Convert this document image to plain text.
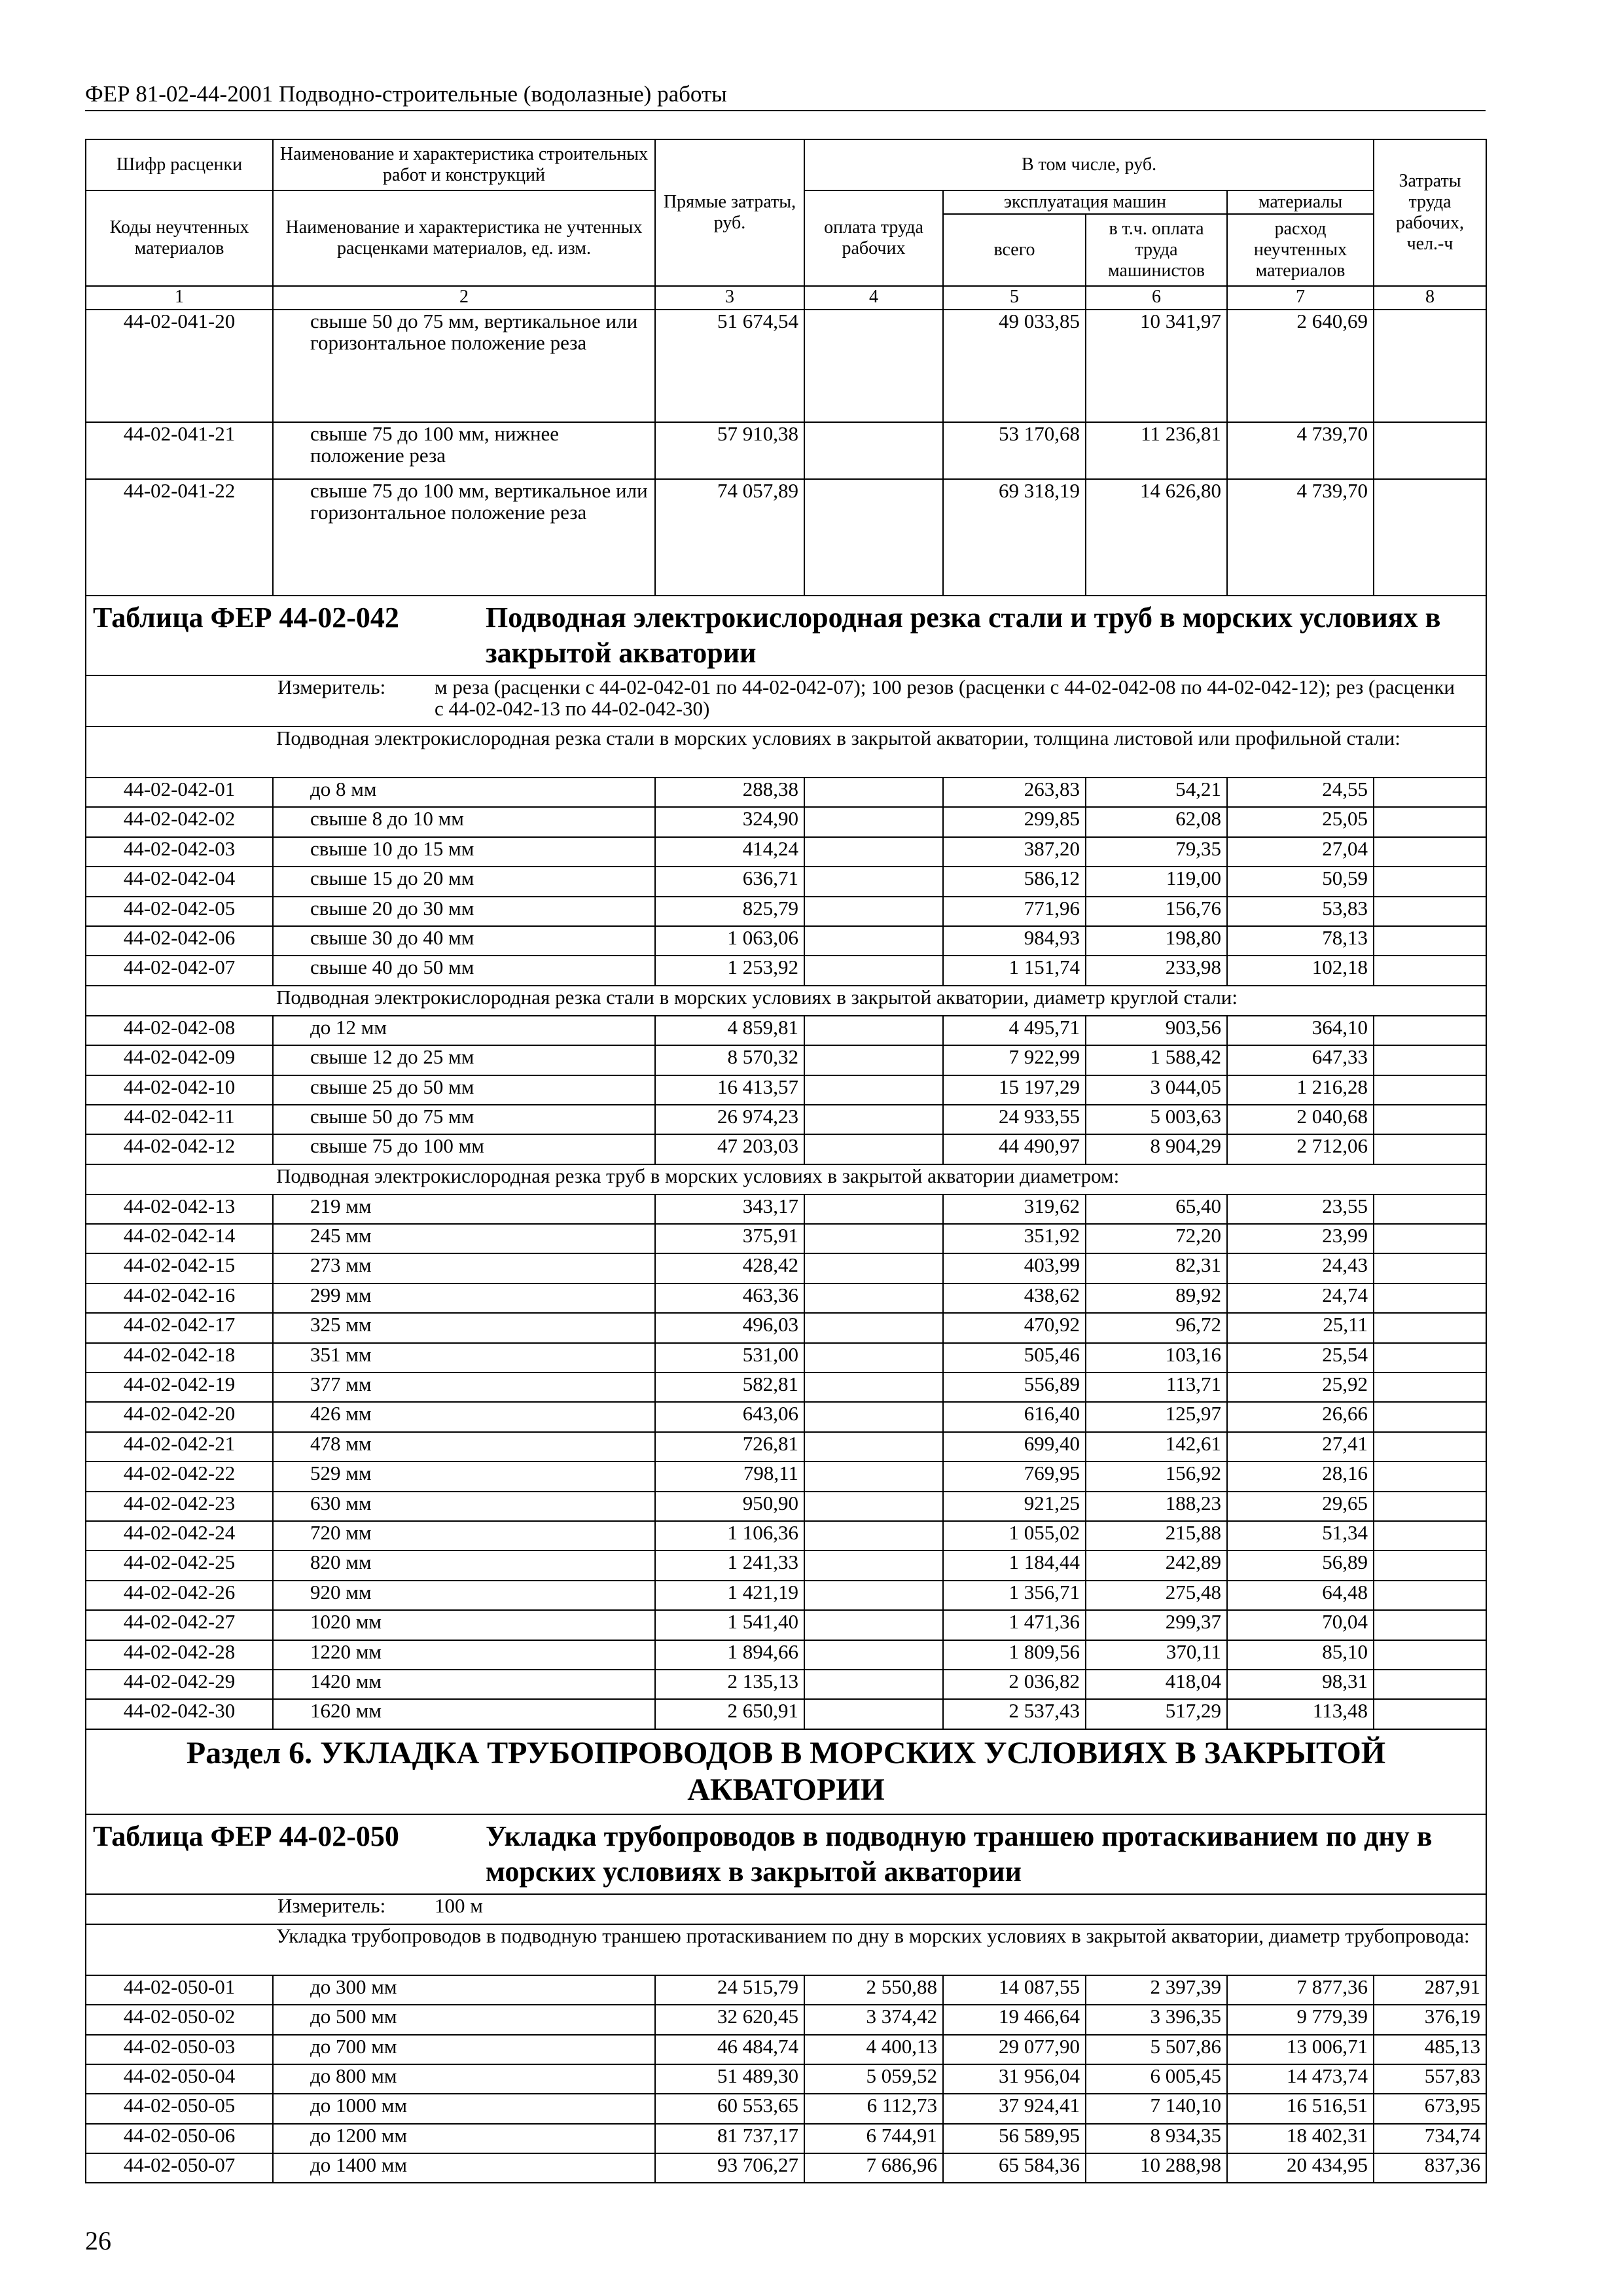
ФЕР 81-02-44-2001 Подводно-строительные (водолазные) работы
Шифр расценки	Наименование и характеристика строительных работ и конструкций	Прямые затраты, руб.	В том числе, руб.				Затраты труда рабочих, чел.-ч
Коды неучтенных материалов	Наименование и характеристика не учтенных расценками материалов, ед. изм.		оплата труда рабочих	эксплуатация машин		материалы	
				всего	в т.ч. оплата труда машинистов	расход неучтенных материалов	
1	2	3	4	5	6	7	8
44-02-041-20	свыше 50 до 75 мм, вертикальное или горизонтальное положение реза	51 674,54		49 033,85	10 341,97	2 640,69	
44-02-041-21	свыше 75 до 100 мм, нижнее положение реза	57 910,38		53 170,68	11 236,81	4 739,70	
44-02-041-22	свыше 75 до 100 мм, вертикальное или горизонтальное положение реза	74 057,89		69 318,19	14 626,80	4 739,70	
Таблица ФЕР 44-02-042 Подводная электрокислородная резка стали и труб в морских условиях в закрытой акватории							
Измеритель: м реза (расценки с 44-02-042-01 по 44-02-042-07); 100 резов (расценки с 44-02-042-08 по 44-02-042-12); рез (расценки с 44-02-042-13 по 44-02-042-30)							
Подводная электрокислородная резка стали в морских условиях в закрытой акватории, толщина листовой или профильной стали:							
44-02-042-01	до 8 мм	288,38		263,83	54,21	24,55	
44-02-042-02	свыше 8 до 10 мм	324,90		299,85	62,08	25,05	
44-02-042-03	свыше 10 до 15 мм	414,24		387,20	79,35	27,04	
44-02-042-04	свыше 15 до 20 мм	636,71		586,12	119,00	50,59	
44-02-042-05	свыше 20 до 30 мм	825,79		771,96	156,76	53,83	
44-02-042-06	свыше 30 до 40 мм	1 063,06		984,93	198,80	78,13	
44-02-042-07	свыше 40 до 50 мм	1 253,92		1 151,74	233,98	102,18	
Подводная электрокислородная резка стали в морских условиях в закрытой акватории, диаметр круглой стали:							
44-02-042-08	до 12 мм	4 859,81		4 495,71	903,56	364,10	
44-02-042-09	свыше 12 до 25 мм	8 570,32		7 922,99	1 588,42	647,33	
44-02-042-10	свыше 25 до 50 мм	16 413,57		15 197,29	3 044,05	1 216,28	
44-02-042-11	свыше 50 до 75 мм	26 974,23		24 933,55	5 003,63	2 040,68	
44-02-042-12	свыше 75 до 100 мм	47 203,03		44 490,97	8 904,29	2 712,06	
Подводная электрокислородная резка труб в морских условиях в закрытой акватории диаметром:							
44-02-042-13	219 мм	343,17		319,62	65,40	23,55	
44-02-042-14	245 мм	375,91		351,92	72,20	23,99	
44-02-042-15	273 мм	428,42		403,99	82,31	24,43	
44-02-042-16	299 мм	463,36		438,62	89,92	24,74	
44-02-042-17	325 мм	496,03		470,92	96,72	25,11	
44-02-042-18	351 мм	531,00		505,46	103,16	25,54	
44-02-042-19	377 мм	582,81		556,89	113,71	25,92	
44-02-042-20	426 мм	643,06		616,40	125,97	26,66	
44-02-042-21	478 мм	726,81		699,40	142,61	27,41	
44-02-042-22	529 мм	798,11		769,95	156,92	28,16	
44-02-042-23	630 мм	950,90		921,25	188,23	29,65	
44-02-042-24	720 мм	1 106,36		1 055,02	215,88	51,34	
44-02-042-25	820 мм	1 241,33		1 184,44	242,89	56,89	
44-02-042-26	920 мм	1 421,19		1 356,71	275,48	64,48	
44-02-042-27	1020 мм	1 541,40		1 471,36	299,37	70,04	
44-02-042-28	1220 мм	1 894,66		1 809,56	370,11	85,10	
44-02-042-29	1420 мм	2 135,13		2 036,82	418,04	98,31	
44-02-042-30	1620 мм	2 650,91		2 537,43	517,29	113,48	
Раздел 6. УКЛАДКА ТРУБОПРОВОДОВ В МОРСКИХ УСЛОВИЯХ В ЗАКРЫТОЙ АКВАТОРИИ							
Таблица ФЕР 44-02-050 Укладка трубопроводов в подводную траншею протаскиванием по дну в морских условиях в закрытой акватории							
Измеритель: 100 м							
Укладка трубопроводов в подводную траншею протаскиванием по дну в морских условиях в закрытой акватории, диаметр трубопровода:							
44-02-050-01	до 300 мм	24 515,79	2 550,88	14 087,55	2 397,39	7 877,36	287,91
44-02-050-02	до 500 мм	32 620,45	3 374,42	19 466,64	3 396,35	9 779,39	376,19
44-02-050-03	до 700 мм	46 484,74	4 400,13	29 077,90	5 507,86	13 006,71	485,13
44-02-050-04	до 800 мм	51 489,30	5 059,52	31 956,04	6 005,45	14 473,74	557,83
44-02-050-05	до 1000 мм	60 553,65	6 112,73	37 924,41	7 140,10	16 516,51	673,95
44-02-050-06	до 1200 мм	81 737,17	6 744,91	56 589,95	8 934,35	18 402,31	734,74
44-02-050-07	до 1400 мм	93 706,27	7 686,96	65 584,36	10 288,98	20 434,95	837,36
26
